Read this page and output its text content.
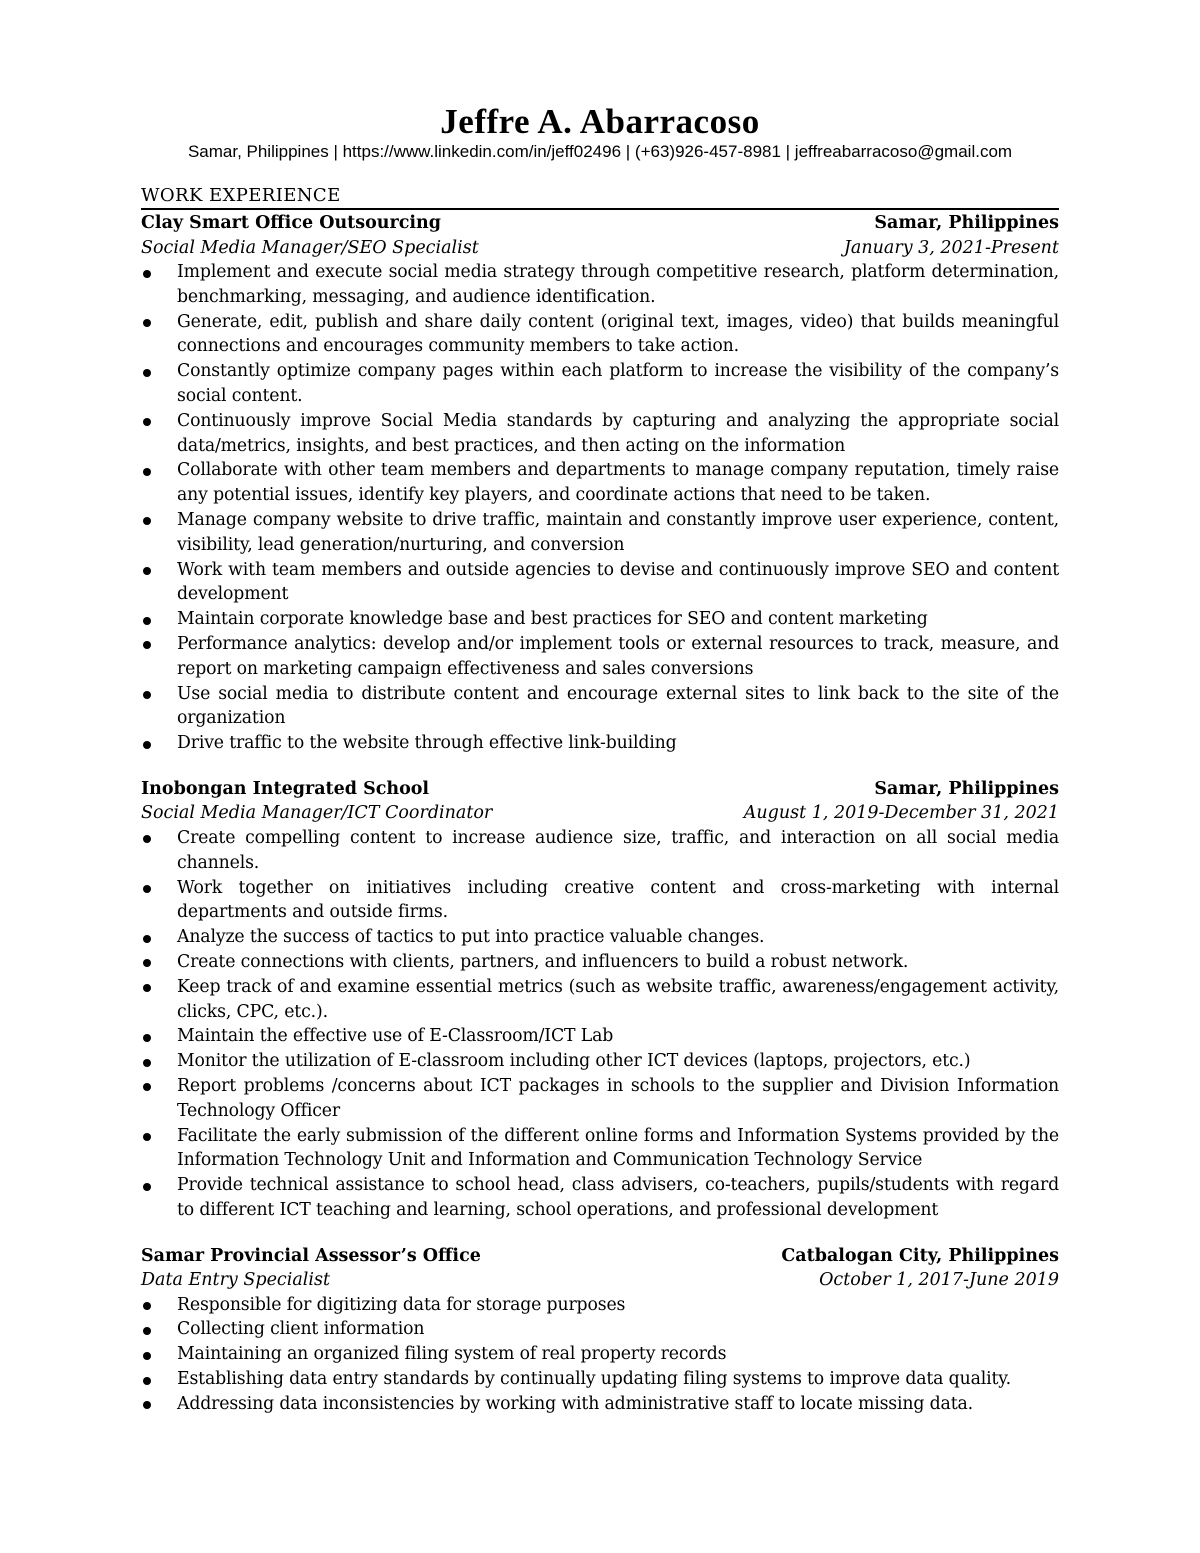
Jeffre A. Abarracoso
Samar, Philippines | https://www.linkedin.com/in/jeff02496 | (+63)926-457-8981 | jeffreabarracoso@gmail.com
WORK EXPERIENCE
Clay Smart Office Outsourcing	Samar, Philippines
Social Media Manager/SEO Specialist	January 3, 2021-Present
Implement and execute social media strategy through competitive research, platform determination, benchmarking, messaging, and audience identification.
Generate, edit, publish and share daily content (original text, images, video) that builds meaningful connections and encourages community members to take action.
Constantly optimize company pages within each platform to increase the visibility of the company’s social content.
Continuously improve Social Media standards by capturing and analyzing the appropriate social data/metrics, insights, and best practices, and then acting on the information
Collaborate with other team members and departments to manage company reputation, timely raise any potential issues, identify key players, and coordinate actions that need to be taken.
Manage company website to drive traffic, maintain and constantly improve user experience, content, visibility, lead generation/nurturing, and conversion
Work with team members and outside agencies to devise and continuously improve SEO and content development
Maintain corporate knowledge base and best practices for SEO and content marketing
Performance analytics: develop and/or implement tools or external resources to track, measure, and report on marketing campaign effectiveness and sales conversions
Use social media to distribute content and encourage external sites to link back to the site of the organization
Drive traffic to the website through effective link-building
Inobongan Integrated School	Samar, Philippines
Social Media Manager/ICT Coordinator	August 1, 2019-December 31, 2021
Create compelling content to increase audience size, traffic, and interaction on all social media channels.
Work together on initiatives including creative content and cross-marketing with internal departments and outside firms.
Analyze the success of tactics to put into practice valuable changes.
Create connections with clients, partners, and influencers to build a robust network.
Keep track of and examine essential metrics (such as website traffic, awareness/engagement activity, clicks, CPC, etc.).
Maintain the effective use of E-Classroom/ICT Lab
Monitor the utilization of E-classroom including other ICT devices (laptops, projectors, etc.)
Report problems /concerns about ICT packages in schools to the supplier and Division Information Technology Officer
Facilitate the early submission of the different online forms and Information Systems provided by the Information Technology Unit and Information and Communication Technology Service
Provide technical assistance to school head, class advisers, co-teachers, pupils/students with regard to different ICT teaching and learning, school operations, and professional development
Samar Provincial Assessor’s Office	Catbalogan City, Philippines
Data Entry Specialist	October 1, 2017-June 2019
Responsible for digitizing data for storage purposes
Collecting client information
Maintaining an organized filing system of real property records
Establishing data entry standards by continually updating filing systems to improve data quality.
Addressing data inconsistencies by working with administrative staff to locate missing data.
